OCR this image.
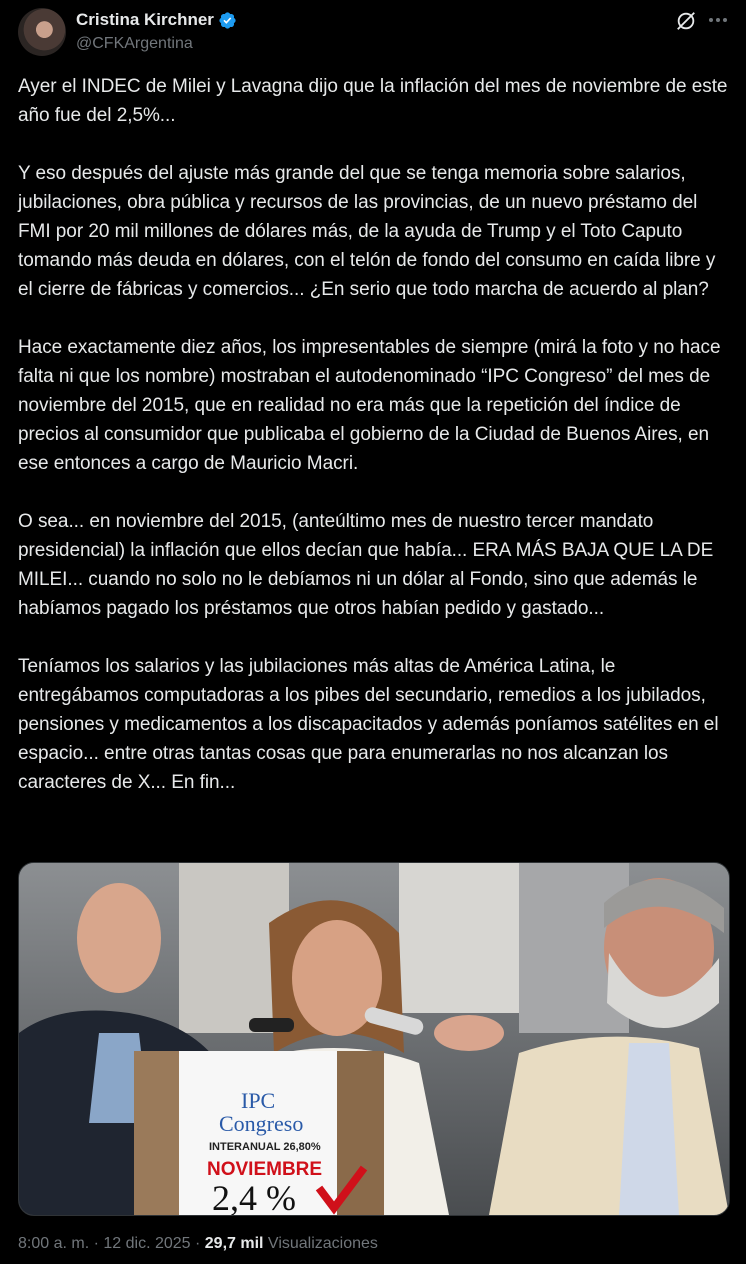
Cristina Kirchner
@CFKArgentina
Ayer el INDEC de Milei y Lavagna dijo que la inflación del mes de noviembre de este año fue del 2,5%...

Y eso después del ajuste más grande del que se tenga memoria sobre salarios, jubilaciones, obra pública y recursos de las provincias, de un nuevo préstamo del FMI por 20 mil millones de dólares más, de la ayuda de Trump y el Toto Caputo tomando más deuda en dólares, con el telón de fondo del consumo en caída libre y el cierre de fábricas y comercios... ¿En serio que todo marcha de acuerdo al plan?

Hace exactamente diez años, los impresentables de siempre (mirá la foto y no hace falta ni que los nombre) mostraban el autodenominado “IPC Congreso” del mes de noviembre del 2015, que en realidad no era más que la repetición del índice de precios al consumidor que publicaba el gobierno de la Ciudad de Buenos Aires, en ese entonces a cargo de Mauricio Macri.

O sea... en noviembre del 2015, (anteúltimo mes de nuestro tercer mandato presidencial) la inflación que ellos decían que había... ERA MÁS BAJA QUE LA DE MILEI... cuando no solo no le debíamos ni un dólar al Fondo, sino que además le habíamos pagado los préstamos que otros habían pedido y gastado...

Teníamos los salarios y las jubilaciones más altas de América Latina, le entregábamos computadoras a los pibes del secundario, remedios a los jubilados, pensiones y medicamentos a los discapacitados y además poníamos satélites en el espacio... entre otras tantas cosas que para enumerarlas no nos alcanzan los caracteres de X... En fin...
IPC
Congreso
INTERANUAL 26,80%
NOVIEMBRE
2,4 %
8:00 a. m. · 12 dic. 2025 · 29,7 mil Visualizaciones
